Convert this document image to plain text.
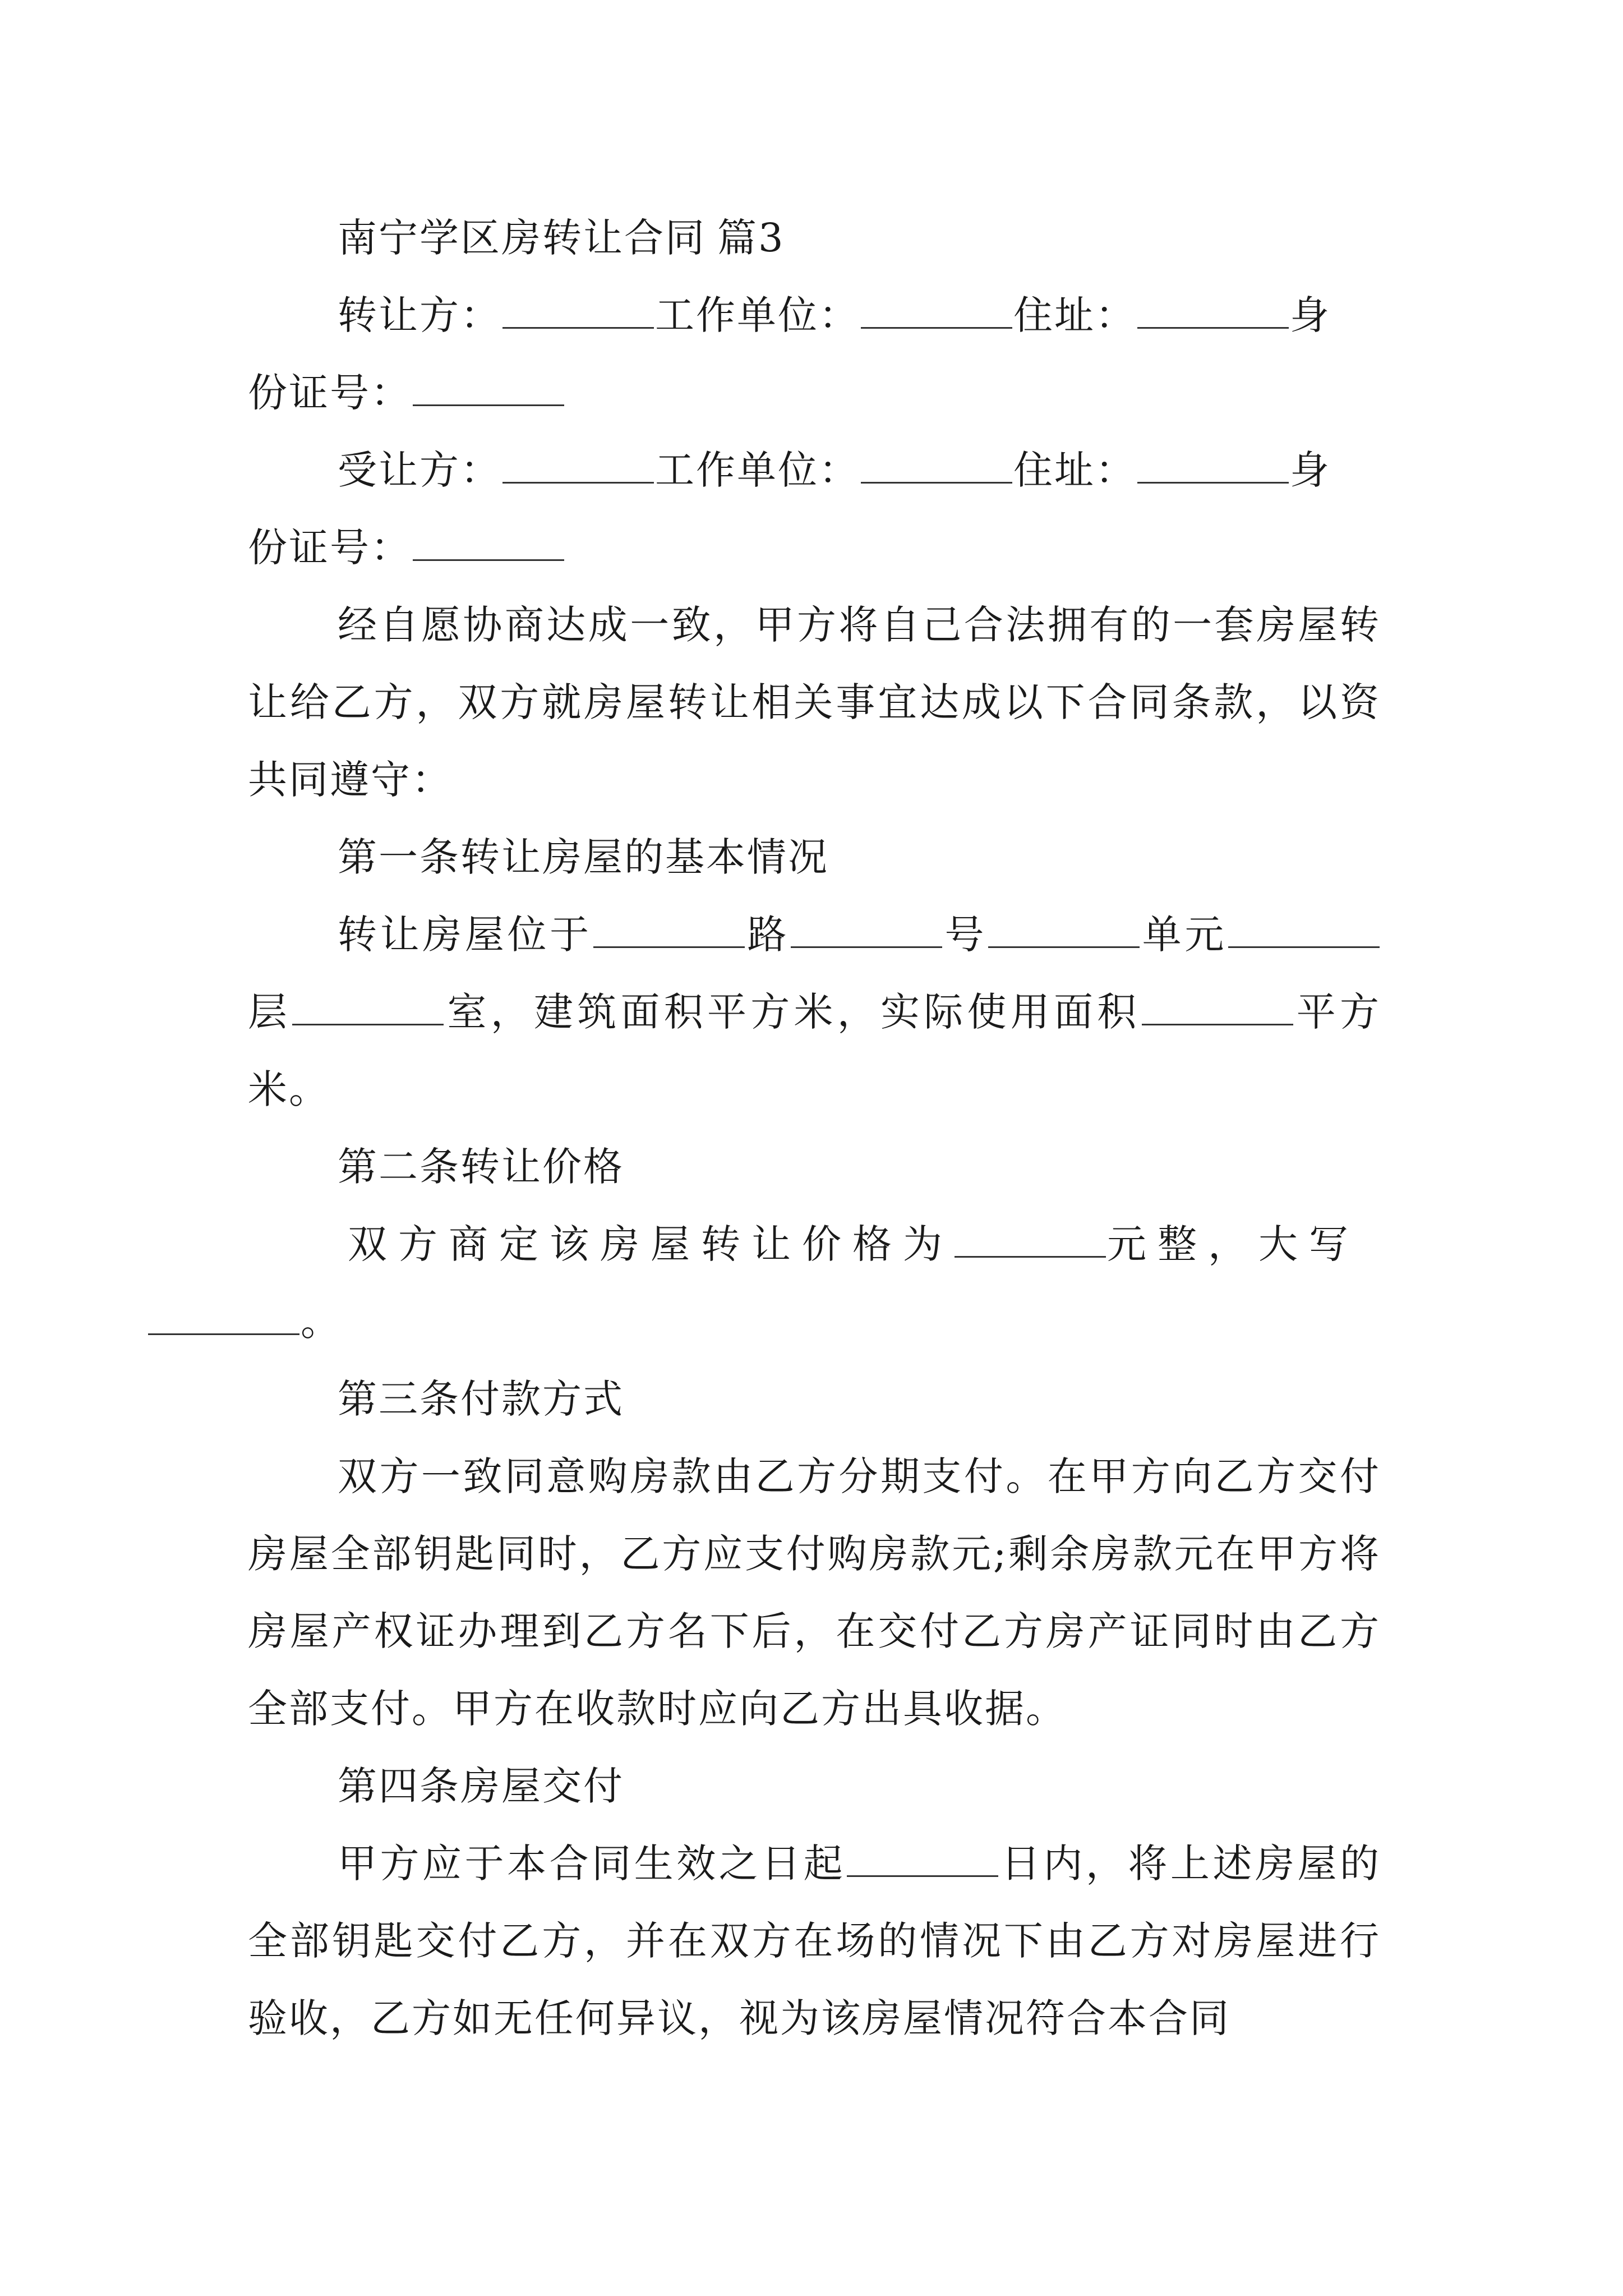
南宁学区房转让合同 篇3

转让方：	工作单位：	住址：	身
份证号：

受让方：	工作单位：	住址：	身
份证号：

经自愿协商达成一致，甲方将自己合法拥有的一套房屋转让给乙方，双方就房屋转让相关事宜达成以下合同条款，以资共同遵守：

第一条转让房屋的基本情况

转让房屋位于	路	号	单元层	室，建筑面积平方米，实际使用面积	平方米。

第二条转让价格

双方商定该房屋转让价格为	元整，大写
。

第三条付款方式

双方一致同意购房款由乙方分期支付。在甲方向乙方交付房屋全部钥匙同时，乙方应支付购房款元;剩余房款元在甲方将房屋产权证办理到乙方名下后，在交付乙方房产证同时由乙方全部支付。甲方在收款时应向乙方出具收据。

第四条房屋交付

甲方应于本合同生效之日起	日内，将上述房屋的全部钥匙交付乙方，并在双方在场的情况下由乙方对房屋进行验收，乙方如无任何异议，视为该房屋情况符合本合同
